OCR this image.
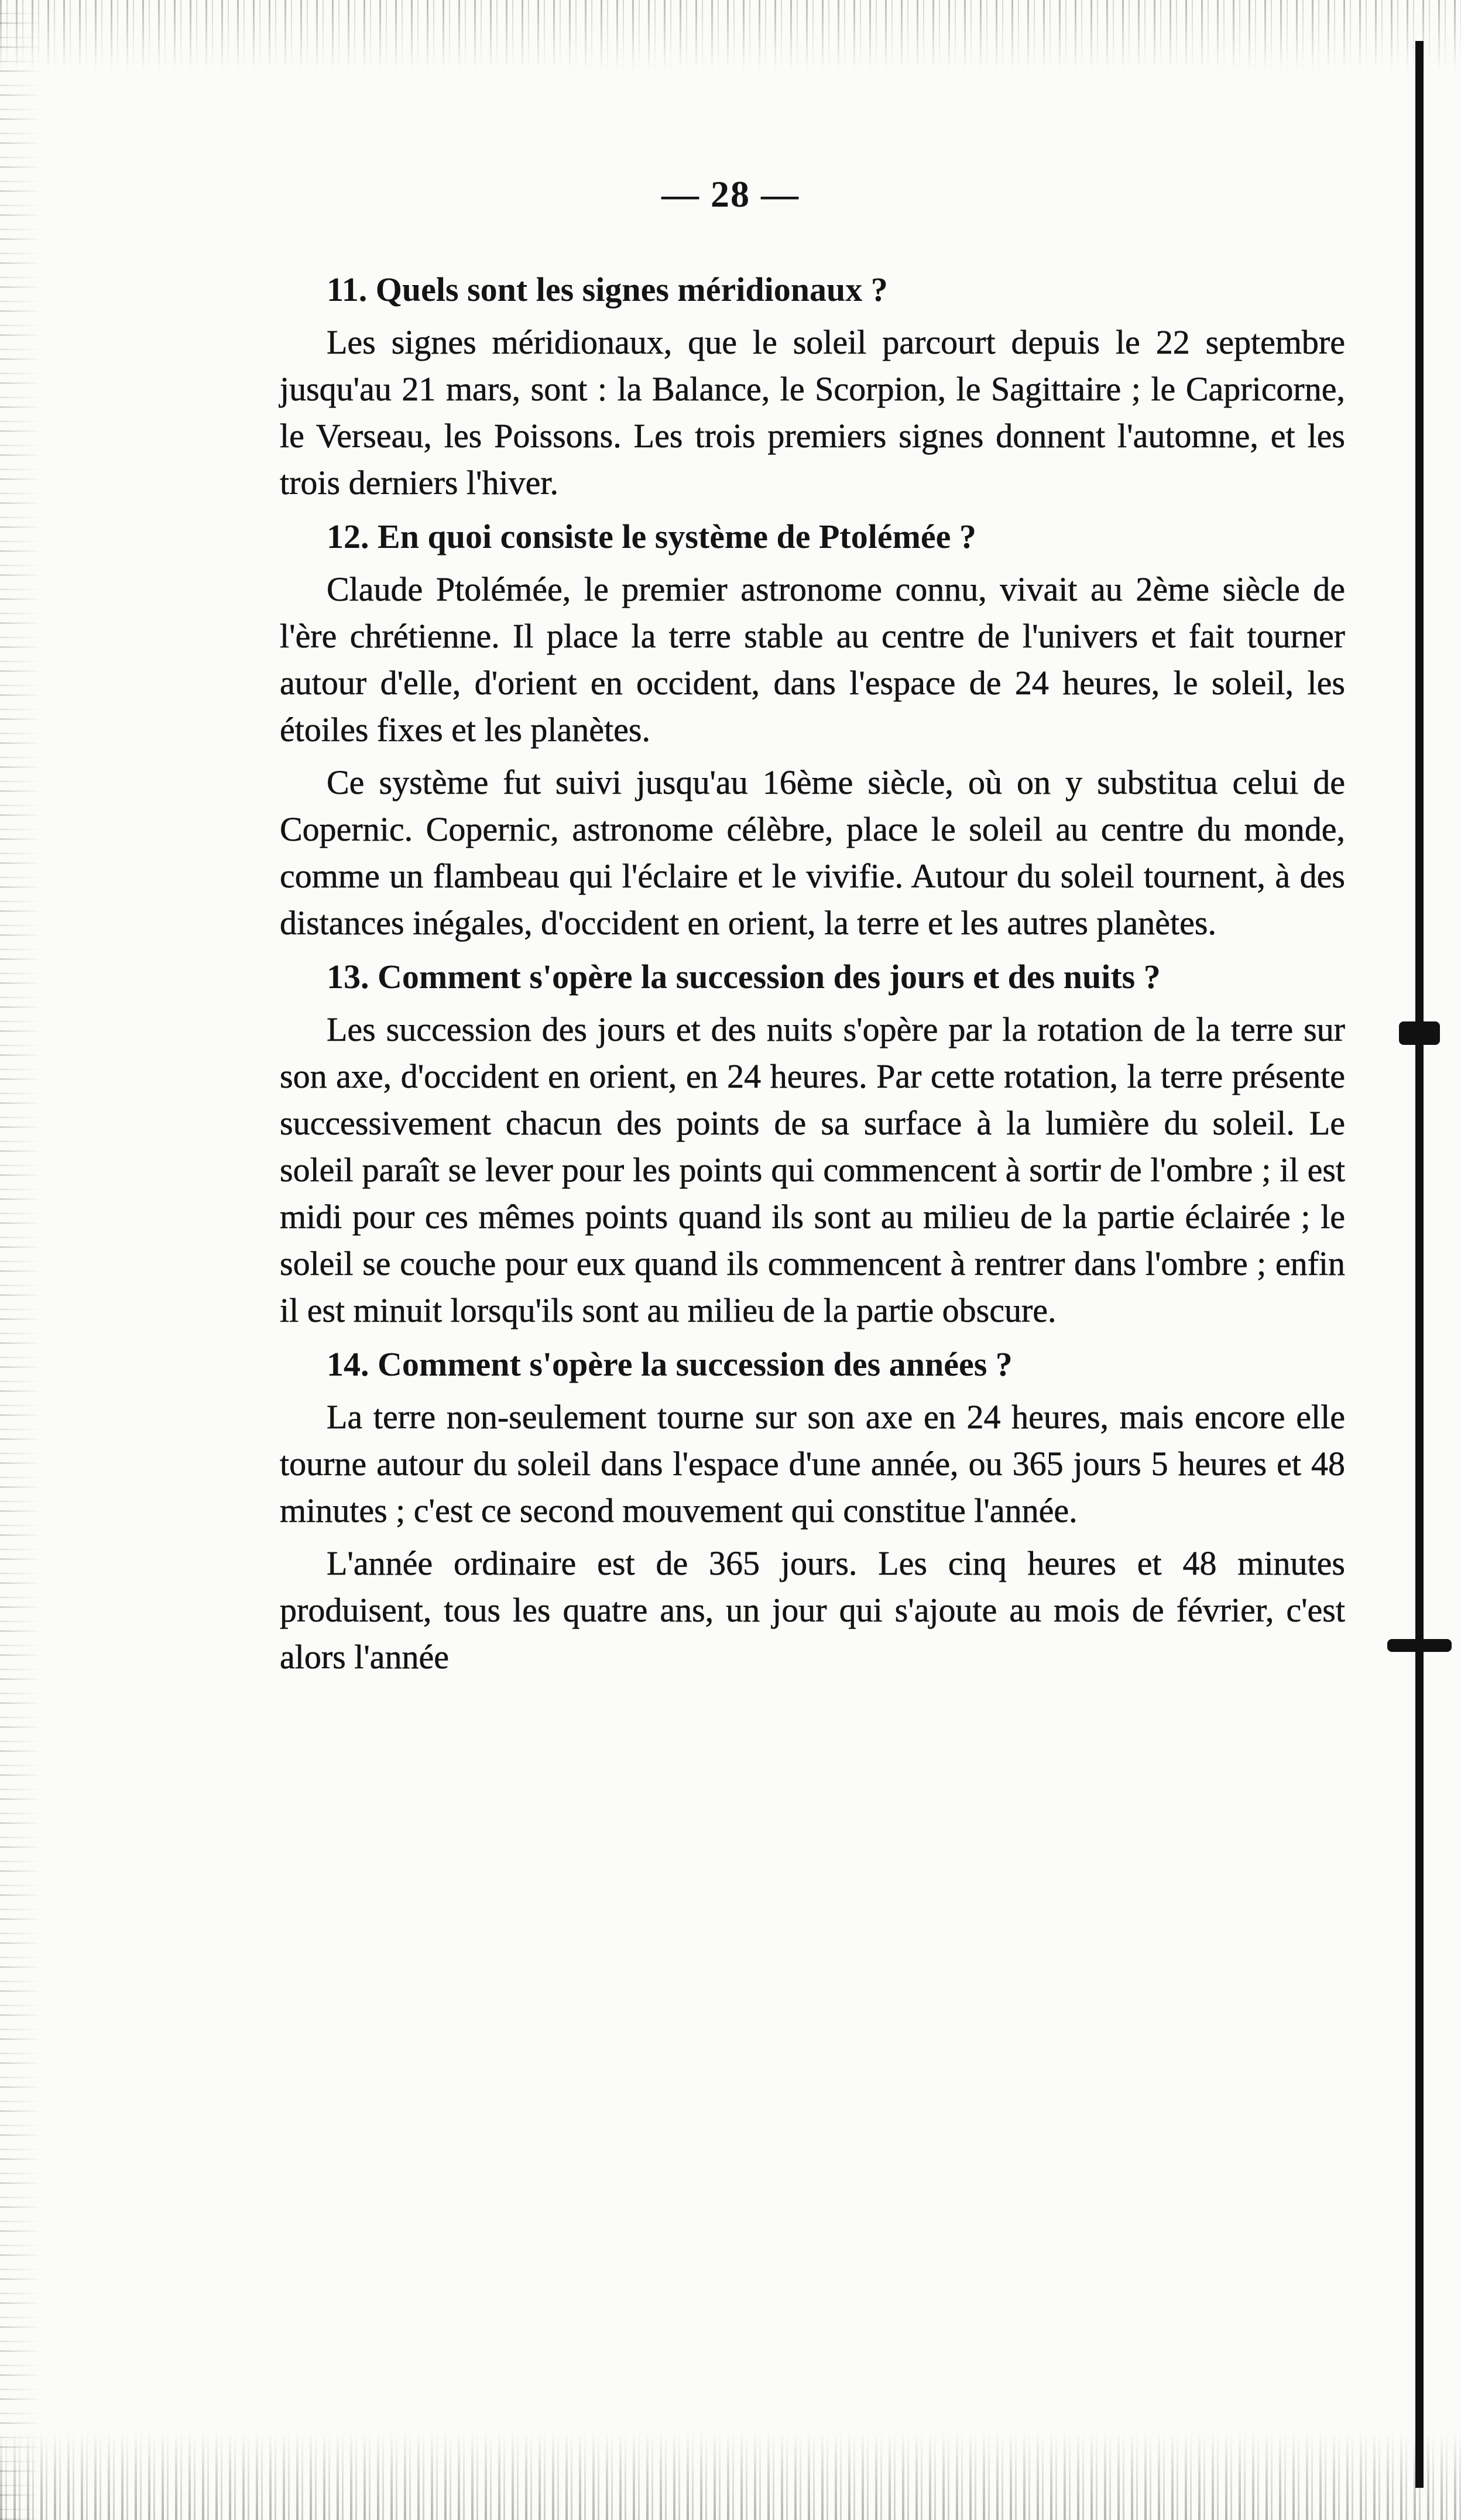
— 28 —

11. Quels sont les signes méridionaux ?

Les signes méridionaux, que le soleil parcourt depuis le 22 septembre jusqu'au 21 mars, sont : la Balance, le Scorpion, le Sagittaire ; le Capricorne, le Verseau, les Poissons. Les trois premiers signes donnent l'automne, et les trois derniers l'hiver.

12. En quoi consiste le système de Ptolémée ?

Claude Ptolémée, le premier astronome connu, vivait au 2ème siècle de l'ère chrétienne. Il place la terre stable au centre de l'univers et fait tourner autour d'elle, d'orient en occident, dans l'espace de 24 heures, le soleil, les étoiles fixes et les planètes.

Ce système fut suivi jusqu'au 16ème siècle, où on y substitua celui de Copernic. Copernic, astronome célèbre, place le soleil au centre du monde, comme un flambeau qui l'éclaire et le vivifie. Autour du soleil tournent, à des distances inégales, d'occident en orient, la terre et les autres planètes.

13. Comment s'opère la succession des jours et des nuits ?

Les succession des jours et des nuits s'opère par la rotation de la terre sur son axe, d'occident en orient, en 24 heures. Par cette rotation, la terre présente successivement chacun des points de sa surface à la lumière du soleil. Le soleil paraît se lever pour les points qui commencent à sortir de l'ombre ; il est midi pour ces mêmes points quand ils sont au milieu de la partie éclairée ; le soleil se couche pour eux quand ils commencent à rentrer dans l'ombre ; enfin il est minuit lorsqu'ils sont au milieu de la partie obscure.

14. Comment s'opère la succession des années ?

La terre non-seulement tourne sur son axe en 24 heures, mais encore elle tourne autour du soleil dans l'espace d'une année, ou 365 jours 5 heures et 48 minutes ; c'est ce second mouvement qui constitue l'année.

L'année ordinaire est de 365 jours. Les cinq heures et 48 minutes produisent, tous les quatre ans, un jour qui s'ajoute au mois de février, c'est alors l'année
